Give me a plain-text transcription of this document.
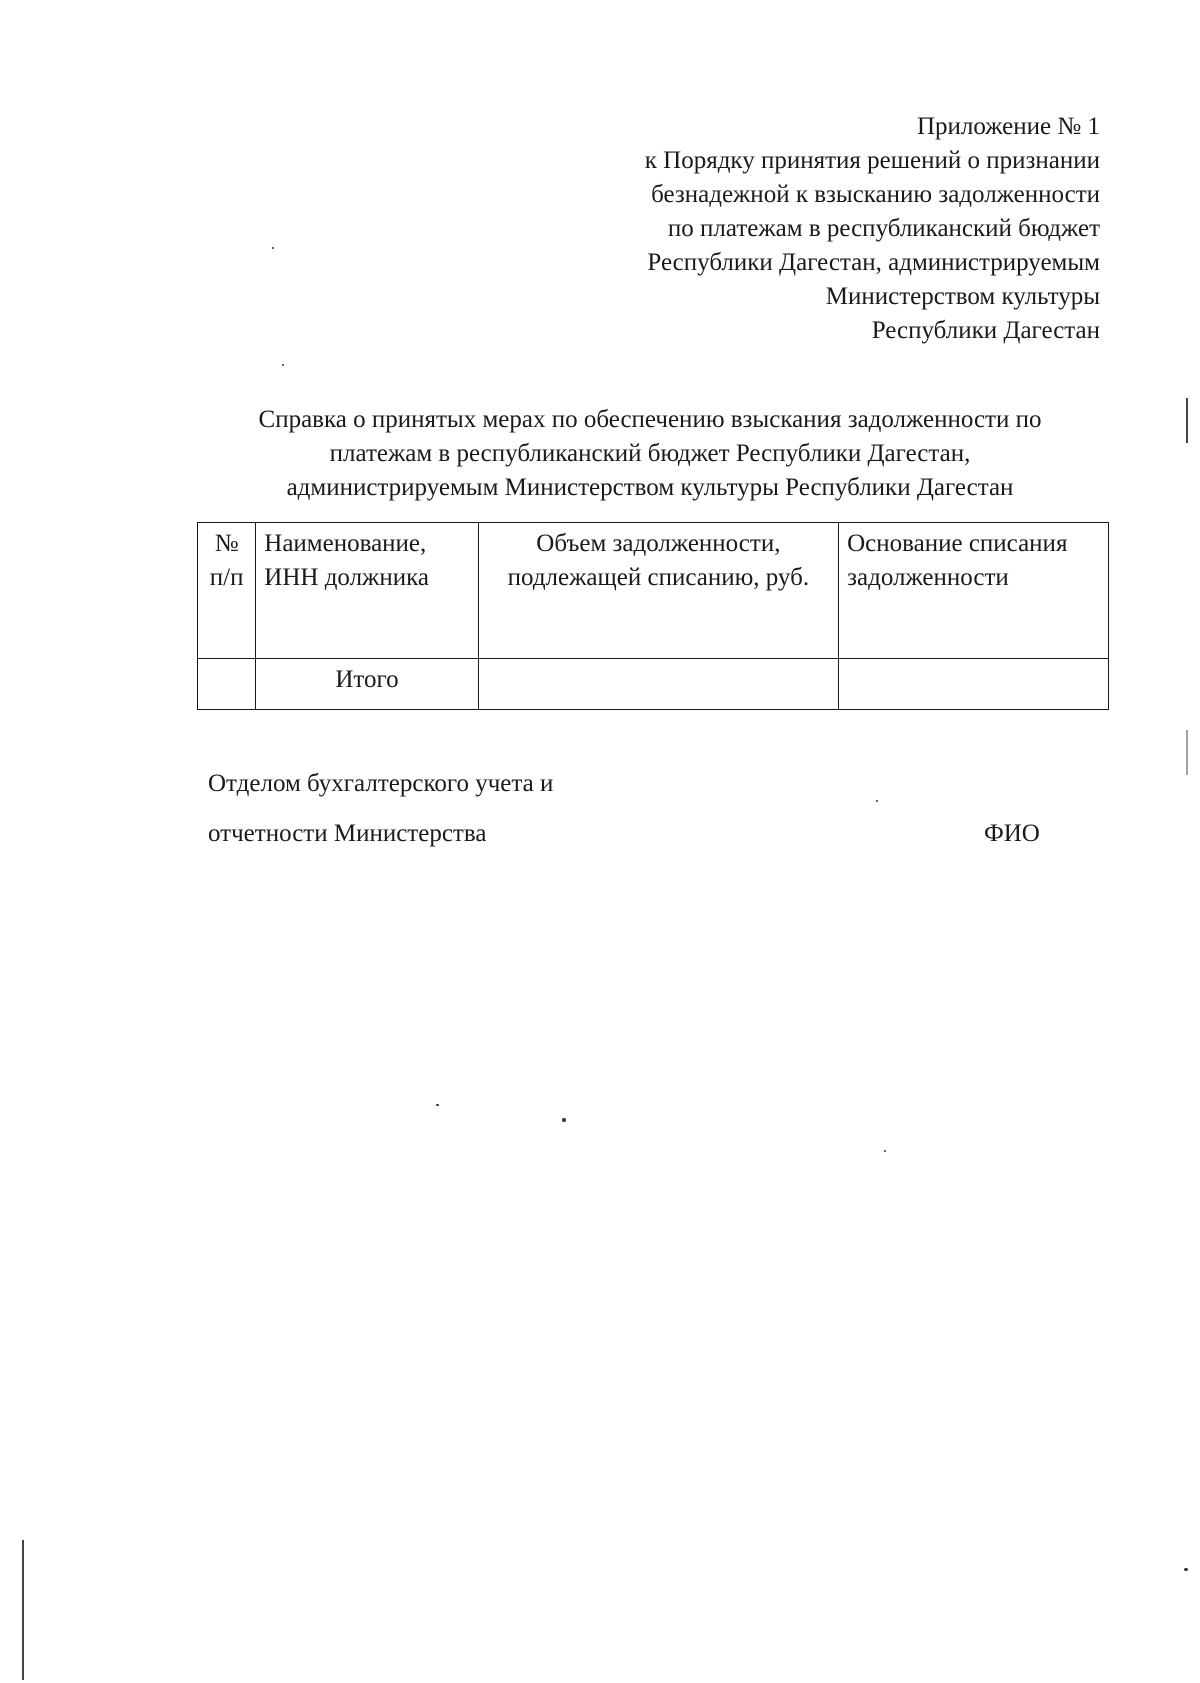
Приложение № 1
к Порядку принятия решений о признании
безнадежной к взысканию задолженности
по платежам в республиканский бюджет
Республики Дагестан, администрируемым
Министерством культуры
Республики Дагестан
Справка о принятых мерах по обеспечению взыскания задолженности по
платежам в республиканский бюджет Республики Дагестан,
администрируемым Министерством культуры Республики Дагестан
№ п/п	Наименование, ИНН должника	Объем задолженности, подлежащей списанию, руб.	Основание списания задолженности
	Итого		
Отделом бухгалтерского учета и
отчетности Министерства	ФИО
